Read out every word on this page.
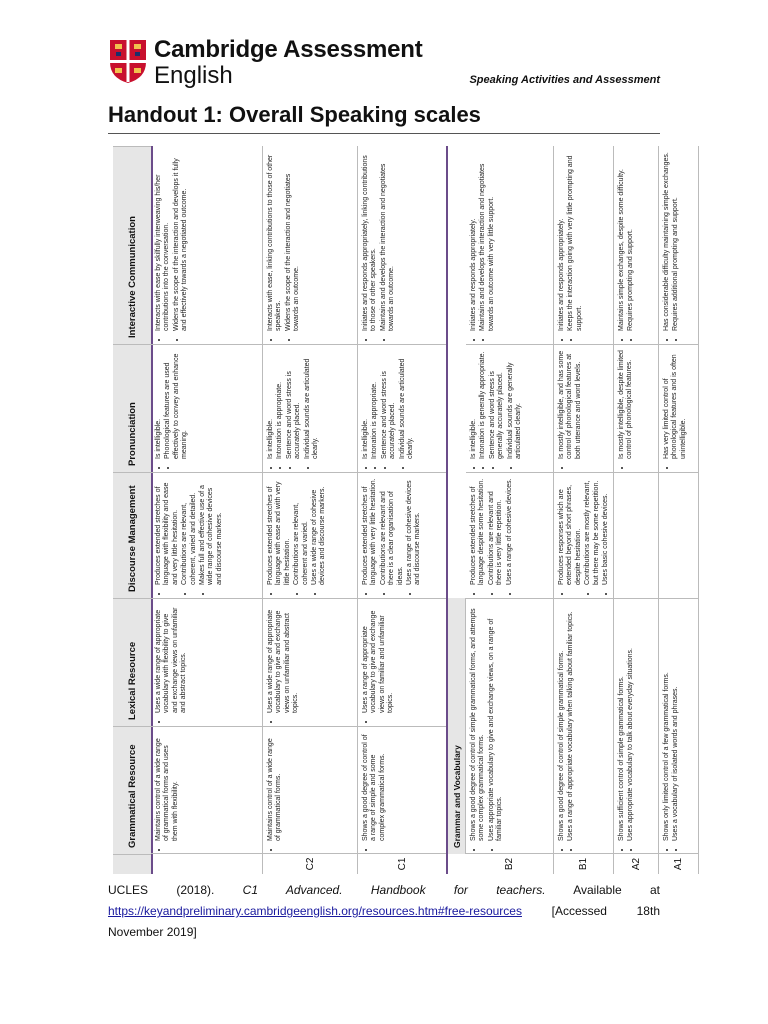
Cambridge Assessment
English	Speaking Activities and Assessment
Handout 1: Overall Speaking scales
Grammatical Resource
Lexical Resource
Discourse Management
Pronunciation
Interactive Communication
• Maintains control of a wide range of grammatical forms and uses them with flexibility.
• Uses a wide range of appropriate vocabulary with flexibility to give and exchange views on unfamiliar and abstract topics.
• Produces extended stretches of language with flexibility and ease and very little hesitation. • Contributions are relevant, coherent, varied and detailed. • Makes full and effective use of a wide range of cohesive devices and discourse markers.
• Is intelligible. • Phonological features are used effectively to convey and enhance meaning.
• Interacts with ease by skilfully interweaving his/her contributions into the conversation. • Widens the scope of the interaction and develops it fully and effectively towards a negotiated outcome.
C2
• Maintains control of a wide range of grammatical forms.
• Uses a wide range of appropriate vocabulary to give and exchange views on unfamiliar and abstract topics.
• Produces extended stretches of language with ease and with very little hesitation. • Contributions are relevant, coherent and varied. • Uses a wide range of cohesive devices and discourse markers.
• Is intelligible. • Intonation is appropriate. • Sentence and word stress is accurately placed. • Individual sounds are articulated clearly.
• Interacts with ease, linking contributions to those of other speakers. • Widens the scope of the interaction and negotiates towards an outcome.
C1
• Shows a good degree of control of a range of simple and some complex grammatical forms.
• Uses a range of appropriate vocabulary to give and exchange views on familiar and unfamiliar topics.
• Produces extended stretches of language with very little hesitation. • Contributions are relevant and there is a clear organisation of ideas. • Uses a range of cohesive devices and discourse markers.
• Is intelligible. • Intonation is appropriate. • Sentence and word stress is accurately placed. • Individual sounds are articulated clearly.
• Initiates and responds appropriately, linking contributions to those of other speakers. • Maintains and develops the interaction and negotiates towards an outcome.
Grammar and Vocabulary
B2
• Shows a good degree of control of simple grammatical forms, and attempts some complex grammatical forms. • Uses appropriate vocabulary to give and exchange views, on a range of familiar topics.
• Produces extended stretches of language despite some hesitation. • Contributions are relevant and there is very little repetition. • Uses a range of cohesive devices.
• Is intelligible. • Intonation is generally appropriate. • Sentence and word stress is generally accurately placed. • Individual sounds are generally articulated clearly.
• Initiates and responds appropriately. • Maintains and develops the interaction and negotiates towards an outcome with very little support.
B1
• Shows a good degree of control of simple grammatical forms. • Uses a range of appropriate vocabulary when talking about familiar topics.
• Produces responses which are extended beyond short phrases, despite hesitation. • Contributions are mostly relevant, but there may be some repetition. • Uses basic cohesive devices.
• Is mostly intelligible, and has some control of phonological features at both utterance and word levels.
• Initiates and responds appropriately. • Keeps the interaction going with very little prompting and support.
A2
• Shows sufficient control of simple grammatical forms. • Uses appropriate vocabulary to talk about everyday situations.
• Is mostly intelligible, despite limited control of phonological features.
• Maintains simple exchanges, despite some difficulty. • Requires prompting and support.
A1
• Shows only limited control of a few grammatical forms. • Uses a vocabulary of isolated words and phrases.
• Has very limited control of phonological features and is often unintelligible.
• Has considerable difficulty maintaining simple exchanges. • Requires additional prompting and support.
UCLES (2018). C1 Advanced. Handbook for teachers. Available at https://keyandpreliminary.cambridgeenglish.org/resources.htm#free-resources [Accessed 18th November 2019]
